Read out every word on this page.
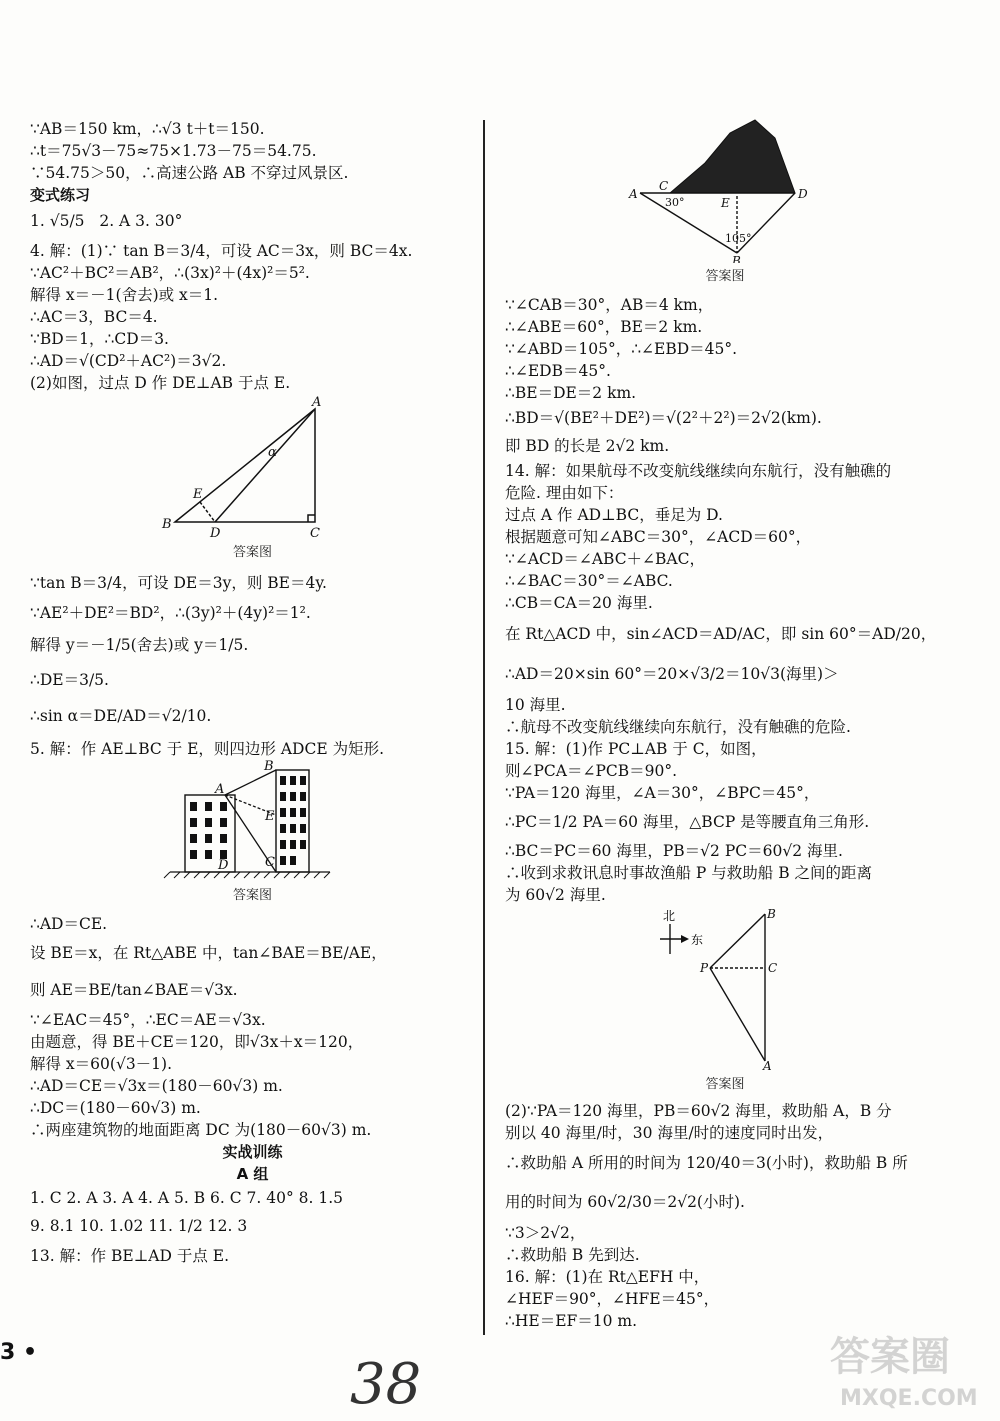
∵AB＝150 km，∴√3 t＋t＝150.
∴t＝75√3－75≈75×1.73－75＝54.75.
∵54.75＞50，∴高速公路 AB 不穿过风景区.
变式练习
1. √5/5 2. A 3. 30°
4. 解：(1)∵ tan B＝3/4，可设 AC＝3x，则 BC＝4x.
∵AC²＋BC²＝AB²，∴(3x)²＋(4x)²＝5².
解得 x＝－1(舍去)或 x＝1.
∴AC＝3，BC＝4.
∵BD＝1，∴CD＝3.
∴AD＝√(CD²＋AC²)＝3√2.
(2)如图，过点 D 作 DE⊥AB 于点 E.
B
A
C
D
E
α
答案图
∵tan B＝3/4，可设 DE＝3y，则 BE＝4y.
∵AE²＋DE²＝BD²，∴(3y)²＋(4y)²＝1².
解得 y＝－1/5(舍去)或 y＝1/5.
∴DE＝3/5.
∴sin α＝DE/AD＝√2/10.
5. 解：作 AE⊥BC 于 E，则四边形 ADCE 为矩形.
A
B
E
C
D
答案图
∴AD＝CE.
设 BE＝x，在 Rt△ABE 中，tan∠BAE＝BE/AE，
则 AE＝BE/tan∠BAE＝√3x.
∵∠EAC＝45°，∴EC＝AE＝√3x.
由题意，得 BE＋CE＝120，即√3x＋x＝120，
解得 x＝60(√3－1).
∴AD＝CE＝√3x＝(180－60√3) m.
∴DC＝(180－60√3) m.
∴两座建筑物的地面距离 DC 为(180－60√3) m.
实战训练
A 组
1. C 2. A 3. A 4. A 5. B 6. C 7. 40° 8. 1.5
9. 8.1 10. 1.02 11. 1/2 12. 3
13. 解：作 BE⊥AD 于点 E.
A
C
D
E
B
30°
105°
答案图
∵∠CAB＝30°，AB＝4 km，
∴∠ABE＝60°，BE＝2 km.
∵∠ABD＝105°，∴∠EBD＝45°.
∴∠EDB＝45°.
∴BE＝DE＝2 km.
∴BD＝√(BE²＋DE²)＝√(2²＋2²)＝2√2(km).
即 BD 的长是 2√2 km.
14. 解：如果航母不改变航线继续向东航行，没有触礁的
危险. 理由如下：
过点 A 作 AD⊥BC，垂足为 D.
根据题意可知∠ABC＝30°，∠ACD＝60°，
∵∠ACD＝∠ABC＋∠BAC，
∴∠BAC＝30°＝∠ABC.
∴CB＝CA＝20 海里.
在 Rt△ACD 中，sin∠ACD＝AD/AC，即 sin 60°＝AD/20，
∴AD＝20×sin 60°＝20×√3/2＝10√3(海里)＞
10 海里.
∴航母不改变航线继续向东航行，没有触礁的危险.
15. 解：(1)作 PC⊥AB 于 C，如图，
则∠PCA＝∠PCB＝90°.
∵PA＝120 海里，∠A＝30°，∠BPC＝45°，
∴PC＝1/2 PA＝60 海里，△BCP 是等腰直角三角形.
∴BC＝PC＝60 海里，PB＝√2 PC＝60√2 海里.
∴收到求救讯息时事故渔船 P 与救助船 B 之间的距离
为 60√2 海里.
北
东
B
P	C
A
答案图
(2)∵PA＝120 海里，PB＝60√2 海里，救助船 A，B 分
别以 40 海里/时，30 海里/时的速度同时出发，
∴救助船 A 所用的时间为 120/40＝3(小时)，救助船 B 所
用的时间为 60√2/30＝2√2(小时).
∵3＞2√2，
∴救助船 B 先到达.
16. 解：(1)在 Rt△EFH 中，
∠HEF＝90°，∠HFE＝45°，
∴HE＝EF＝10 m.
3 •	38	答案圈
MXQE.COM
